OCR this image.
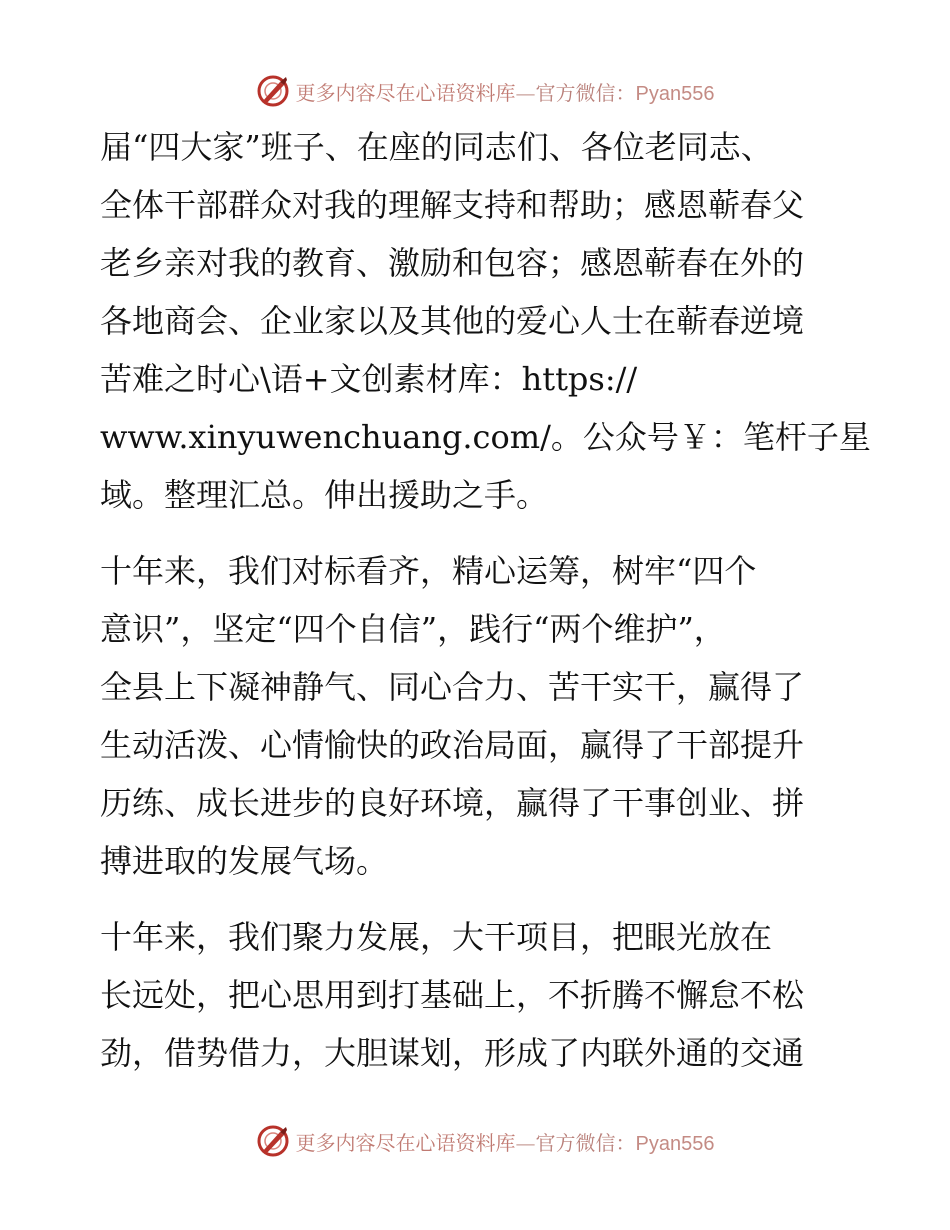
更多内容尽在心语资料库—官方微信：Pyan556

届“四大家”班子、在座的同志们、各位老同志、

全体干部群众对我的理解支持和帮助；感恩蕲春父

老乡亲对我的教育、激励和包容；感恩蕲春在外的

各地商会、企业家以及其他的爱心人士在蕲春逆境

苦难之时心\语+文创素材库：https://

www.xinyuwenchuang.com/。公众号￥：笔杆子星

域。整理汇总。伸出援助之手。

十年来，我们对标看齐，精心运筹，树牢“四个

意识”，坚定“四个自信”，践行“两个维护”，

全县上下凝神静气、同心合力、苦干实干，赢得了

生动活泼、心情愉快的政治局面，赢得了干部提升

历练、成长进步的良好环境，赢得了干事创业、拼

搏进取的发展气场。

十年来，我们聚力发展，大干项目，把眼光放在

长远处，把心思用到打基础上，不折腾不懈怠不松

劲，借势借力，大胆谋划，形成了内联外通的交通

更多内容尽在心语资料库—官方微信：Pyan556
